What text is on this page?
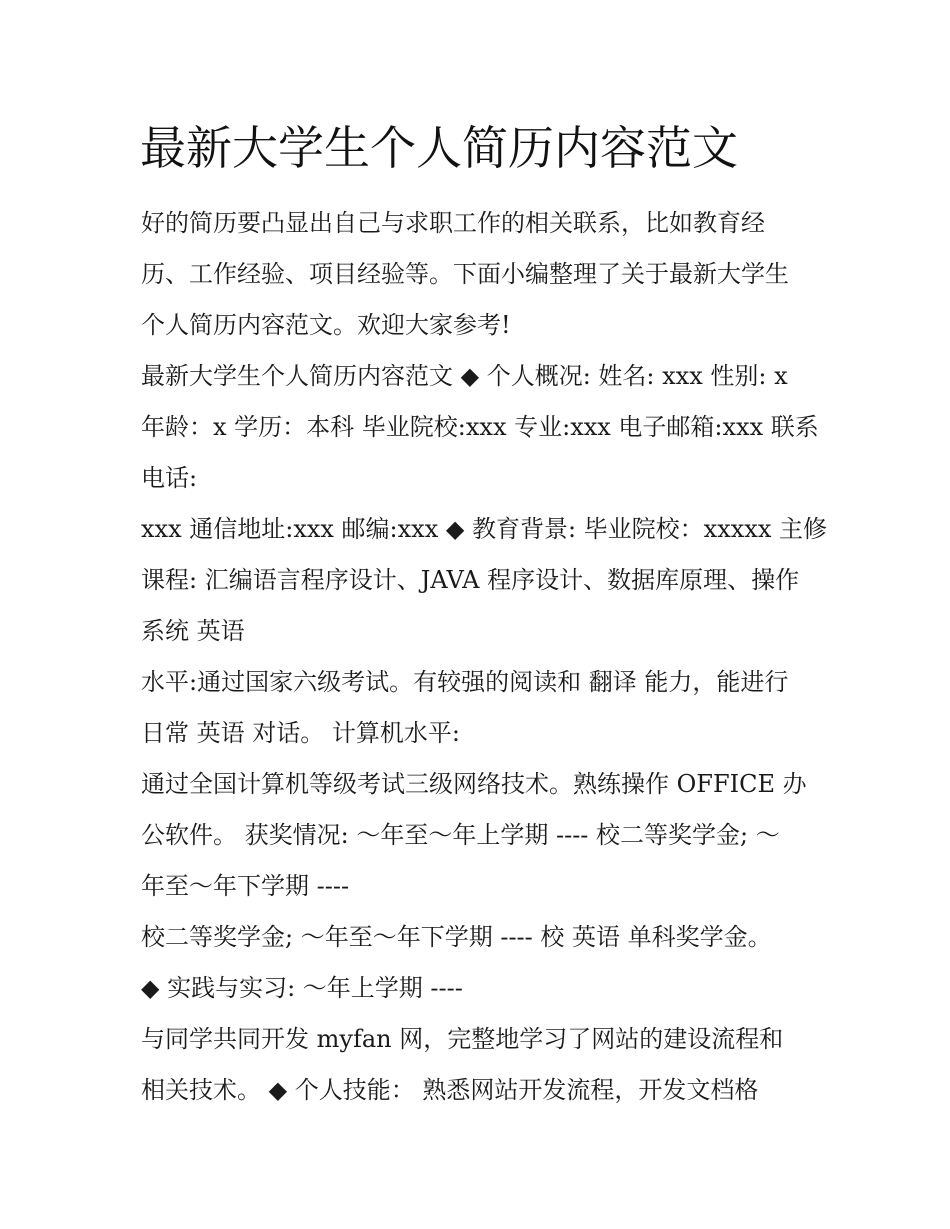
最新大学生个人简历内容范文
好的简历要凸显出自己与求职工作的相关联系，比如教育经
历、工作经验、项目经验等。下面小编整理了关于最新大学生
个人简历内容范文。欢迎大家参考!
最新大学生个人简历内容范文 ◆ 个人概况: 姓名: xxx 性别: x
年龄：x 学历：本科 毕业院校:xxx 专业:xxx 电子邮箱:xxx 联系
电话:
xxx 通信地址:xxx 邮编:xxx ◆ 教育背景: 毕业院校：xxxxx 主修
课程: 汇编语言程序设计、JAVA 程序设计、数据库原理、操作
系统 英语
水平:通过国家六级考试。有较强的阅读和 翻译 能力，能进行
日常 英语 对话。 计算机水平:
通过全国计算机等级考试三级网络技术。熟练操作 OFFICE 办
公软件。 获奖情况: ～年至～年上学期 ---- 校二等奖学金; ～
年至～年下学期 ----
校二等奖学金; ～年至～年下学期 ---- 校 英语 单科奖学金。
◆ 实践与实习: ～年上学期 ----
与同学共同开发 myfan 网，完整地学习了网站的建设流程和
相关技术。 ◆ 个人技能： 熟悉网站开发流程，开发文档格
